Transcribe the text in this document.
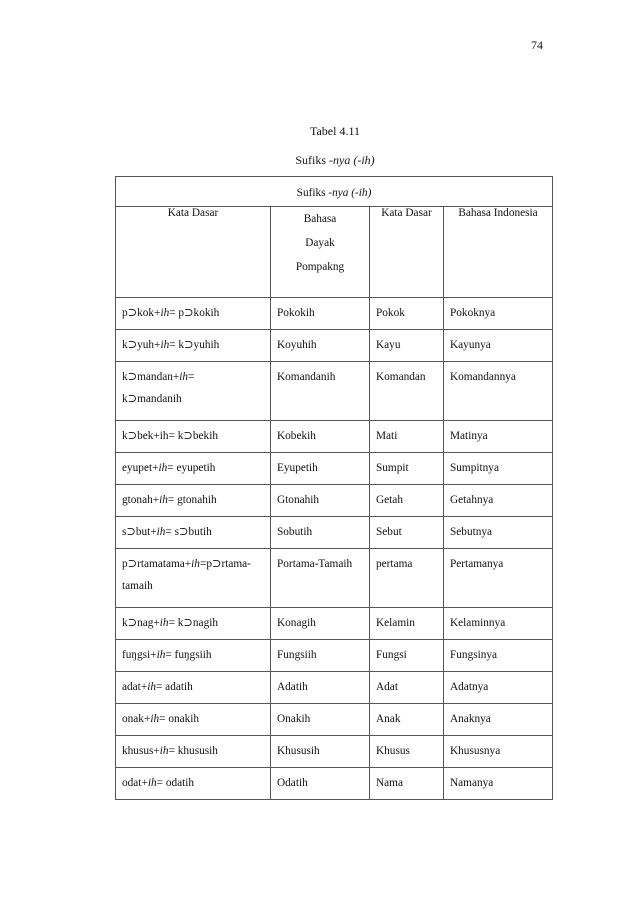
74
Tabel 4.11
Sufiks -nya (-ih)
Sufiks -nya (-ih)			
Kata Dasar	Bahasa
Dayak
Pompakng	Kata Dasar	Bahasa Indonesia

p⊃kok+ih= p⊃kokih	Pokokih	Pokok	Pokoknya

k⊃yuh+ih= k⊃yuhih	Koyuhih	Kayu	Kayunya

k⊃mandan+ih=
k⊃mandanih	Komandanih	Komandan	Komandannya

k⊃bek+ih= k⊃bekih	Kobekih	Mati	Matinya

eyupet+ih= eyupetih	Eyupetih	Sumpit	Sumpitnya

gtonah+ih= gtonahih	Gtonahih	Getah	Getahnya

s⊃but+ih= s⊃butih	Sobutih	Sebut	Sebutnya

p⊃rtamatama+ih=p⊃rtama-
tamaih	Portama-Tamaih	pertama	Pertamanya

k⊃nag+ih= k⊃nagih	Konagih	Kelamin	Kelaminnya

fuŋgsi+ih= fuŋgsiih	Fungsiih	Fungsi	Fungsinya

adat+ih= adatih	Adatih	Adat	Adatnya

onak+ih= onakih	Onakih	Anak	Anaknya

khusus+ih= khususih	Khususih	Khusus	Khususnya

odat+ih= odatih	Odatih	Nama	Namanya
